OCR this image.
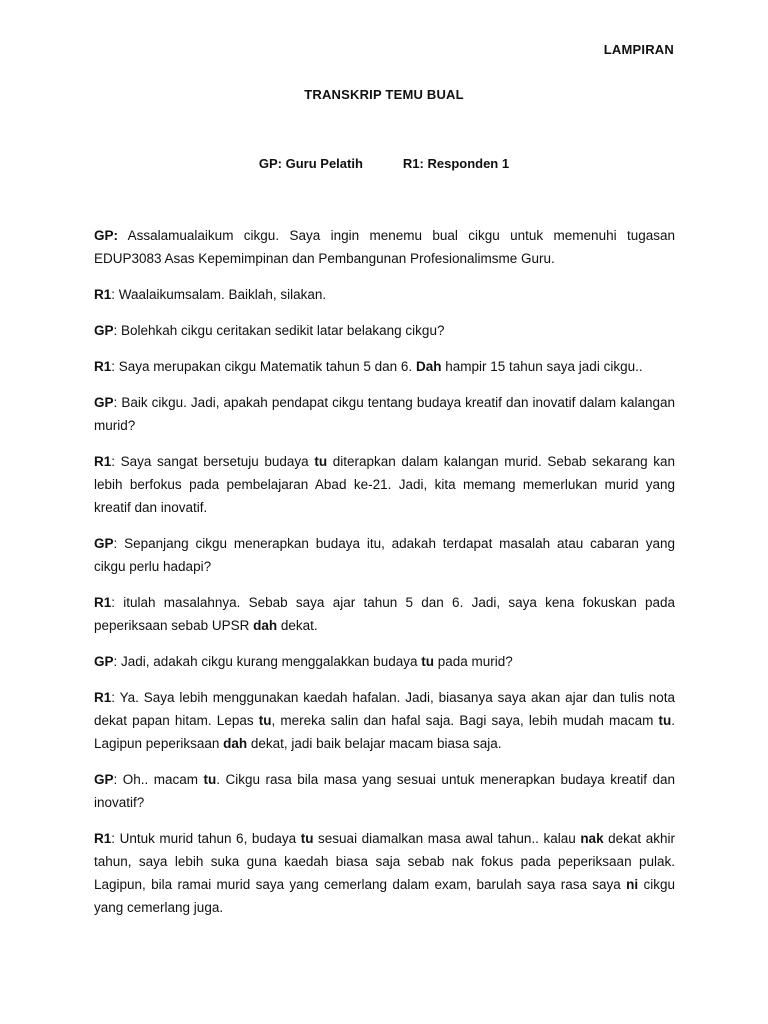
LAMPIRAN
TRANSKRIP TEMU BUAL
GP: Guru Pelatih	R1: Responden 1

GP: Assalamualaikum cikgu. Saya ingin menemu bual cikgu untuk memenuhi tugasan EDUP3083 Asas Kepemimpinan dan Pembangunan Profesionalimsme Guru.

R1: Waalaikumsalam. Baiklah, silakan.

GP: Bolehkah cikgu ceritakan sedikit latar belakang cikgu?

R1: Saya merupakan cikgu Matematik tahun 5 dan 6. Dah hampir 15 tahun saya jadi cikgu..

GP: Baik cikgu. Jadi, apakah pendapat cikgu tentang budaya kreatif dan inovatif dalam kalangan murid?

R1: Saya sangat bersetuju budaya tu diterapkan dalam kalangan murid. Sebab sekarang kan lebih berfokus pada pembelajaran Abad ke-21. Jadi, kita memang memerlukan murid yang kreatif dan inovatif.

GP: Sepanjang cikgu menerapkan budaya itu, adakah terdapat masalah atau cabaran yang cikgu perlu hadapi?

R1: itulah masalahnya. Sebab saya ajar tahun 5 dan 6. Jadi, saya kena fokuskan pada peperiksaan sebab UPSR dah dekat.

GP: Jadi, adakah cikgu kurang menggalakkan budaya tu pada murid?

R1: Ya. Saya lebih menggunakan kaedah hafalan. Jadi, biasanya saya akan ajar dan tulis nota dekat papan hitam. Lepas tu, mereka salin dan hafal saja. Bagi saya, lebih mudah macam tu. Lagipun peperiksaan dah dekat, jadi baik belajar macam biasa saja.

GP: Oh.. macam tu. Cikgu rasa bila masa yang sesuai untuk menerapkan budaya kreatif dan inovatif?

R1: Untuk murid tahun 6, budaya tu sesuai diamalkan masa awal tahun.. kalau nak dekat akhir tahun, saya lebih suka guna kaedah biasa saja sebab nak fokus pada peperiksaan pulak. Lagipun, bila ramai murid saya yang cemerlang dalam exam, barulah saya rasa saya ni cikgu yang cemerlang juga.
